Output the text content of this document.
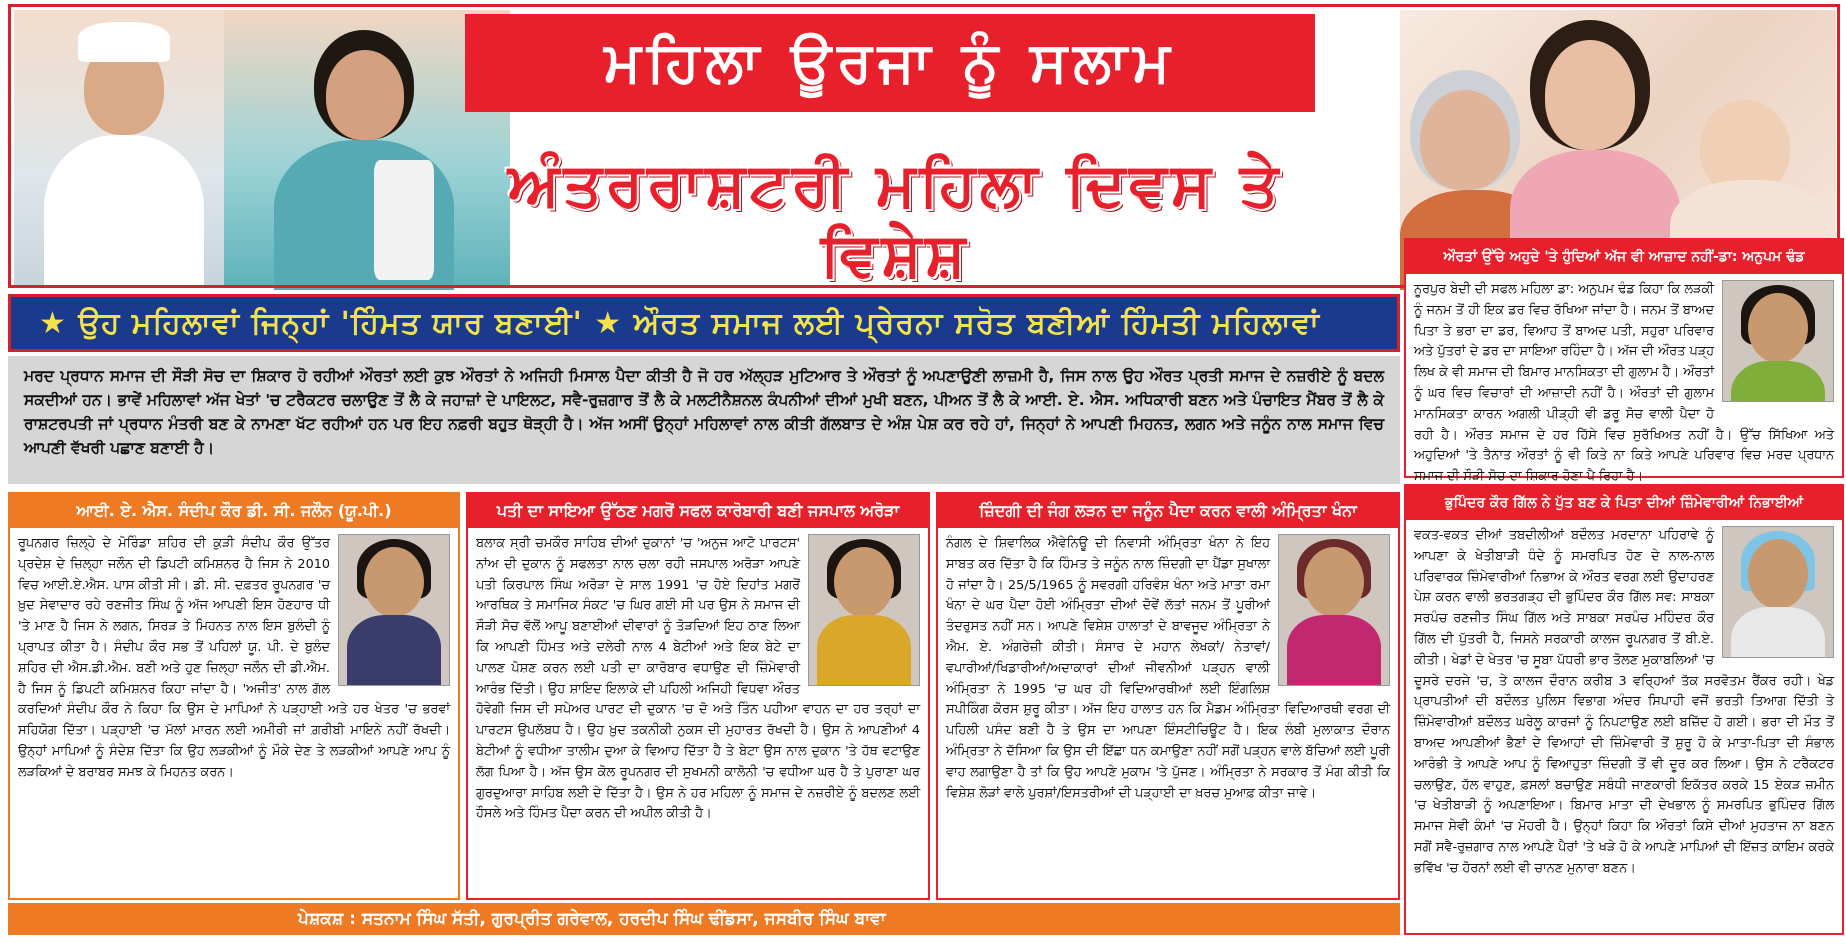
ਮਹਿਲਾ ਊਰਜਾ ਨੂੰ ਸਲਾਮ
ਅੰਤਰਰਾਸ਼ਟਰੀ ਮਹਿਲਾ ਦਿਵਸ ਤੇ ਵਿਸ਼ੇਸ਼
★ ਉਹ ਮਹਿਲਾਵਾਂ ਜਿਨ੍ਹਾਂ 'ਹਿੰਮਤ ਯਾਰ ਬਣਾਈ' ★ ਔਰਤ ਸਮਾਜ ਲਈ ਪ੍ਰੇਰਨਾ ਸਰੋਤ ਬਣੀਆਂ ਹਿੰਮਤੀ ਮਹਿਲਾਵਾਂ
ਮਰਦ ਪ੍ਰਧਾਨ ਸਮਾਜ ਦੀ ਸੌੜੀ ਸੋਚ ਦਾ ਸ਼ਿਕਾਰ ਹੋ ਰਹੀਆਂ ਔਰਤਾਂ ਲਈ ਕੁਝ ਔਰਤਾਂ ਨੇ ਅਜਿਹੀ ਮਿਸਾਲ ਪੈਦਾ ਕੀਤੀ ਹੈ ਜੋ ਹਰ ਅੱਲ੍ਹੜ ਮੁਟਿਆਰ ਤੇ ਔਰਤਾਂ ਨੂੰ ਅਪਣਾਉਣੀ ਲਾਜ਼ਮੀ ਹੈ, ਜਿਸ ਨਾਲ ਉਹ ਔਰਤ ਪ੍ਰਤੀ ਸਮਾਜ ਦੇ ਨਜ਼ਰੀਏ ਨੂੰ ਬਦਲ ਸਕਦੀਆਂ ਹਨ। ਭਾਵੇਂ ਮਹਿਲਾਵਾਂ ਅੱਜ ਖੇਤਾਂ 'ਚ ਟਰੈਕਟਰ ਚਲਾਉਣ ਤੋਂ ਲੈ ਕੇ ਜਹਾਜ਼ਾਂ ਦੇ ਪਾਇਲਟ, ਸਵੈ-ਰੁਜ਼ਗਾਰ ਤੋਂ ਲੈ ਕੇ ਮਲਟੀਨੈਸ਼ਨਲ ਕੰਪਨੀਆਂ ਦੀਆਂ ਮੁਖੀ ਬਣਨ, ਪੀਅਨ ਤੋਂ ਲੈ ਕੇ ਆਈ. ਏ. ਐਸ. ਅਧਿਕਾਰੀ ਬਣਨ ਅਤੇ ਪੰਚਾਇਤ ਮੈਂਬਰ ਤੋਂ ਲੈ ਕੇ ਰਾਸ਼ਟਰਪਤੀ ਜਾਂ ਪ੍ਰਧਾਨ ਮੰਤਰੀ ਬਣ ਕੇ ਨਾਮਣਾ ਖੱਟ ਰਹੀਆਂ ਹਨ ਪਰ ਇਹ ਨਫ਼ਰੀ ਬਹੁਤ ਥੋੜ੍ਹੀ ਹੈ। ਅੱਜ ਅਸੀਂ ਉਨ੍ਹਾਂ ਮਹਿਲਾਵਾਂ ਨਾਲ ਕੀਤੀ ਗੱਲਬਾਤ ਦੇ ਅੰਸ਼ ਪੇਸ਼ ਕਰ ਰਹੇ ਹਾਂ, ਜਿਨ੍ਹਾਂ ਨੇ ਆਪਣੀ ਮਿਹਨਤ, ਲਗਨ ਅਤੇ ਜਨੂੰਨ ਨਾਲ ਸਮਾਜ ਵਿਚ ਆਪਣੀ ਵੱਖਰੀ ਪਛਾਣ ਬਣਾਈ ਹੈ।
ਆਈ. ਏ. ਐਸ. ਸੰਦੀਪ ਕੌਰ ਡੀ. ਸੀ. ਜਲੌਨ (ਯੂ.ਪੀ.)
ਰੂਪਨਗਰ ਜ਼ਿਲ੍ਹੇ ਦੇ ਮੋਰਿੰਡਾ ਸ਼ਹਿਰ ਦੀ ਕੁੜੀ ਸੰਦੀਪ ਕੌਰ ਉੱਤਰ ਪ੍ਰਦੇਸ਼ ਦੇ ਜ਼ਿਲ੍ਹਾ ਜਲੌਨ ਦੀ ਡਿਪਟੀ ਕਮਿਸ਼ਨਰ ਹੈ ਜਿਸ ਨੇ 2010 ਵਿਚ ਆਈ.ਏ.ਐਸ. ਪਾਸ ਕੀਤੀ ਸੀ। ਡੀ. ਸੀ. ਦਫ਼ਤਰ ਰੂਪਨਗਰ 'ਚ ਖ਼ੁਦ ਸੇਵਾਦਾਰ ਰਹੇ ਰਣਜੀਤ ਸਿੰਘ ਨੂੰ ਅੱਜ ਆਪਣੀ ਇਸ ਹੋਣਹਾਰ ਧੀ 'ਤੇ ਮਾਣ ਹੈ ਜਿਸ ਨੇ ਲਗਨ, ਸਿਰੜ ਤੇ ਮਿਹਨਤ ਨਾਲ ਇਸ ਬੁਲੰਦੀ ਨੂੰ ਪ੍ਰਾਪਤ ਕੀਤਾ ਹੈ। ਸੰਦੀਪ ਕੌਰ ਸਭ ਤੋਂ ਪਹਿਲਾਂ ਯੂ. ਪੀ. ਦੇ ਬੁਲੰਦ ਸ਼ਹਿਰ ਦੀ ਐਸ.ਡੀ.ਐਮ. ਬਣੀ ਅਤੇ ਹੁਣ ਜ਼ਿਲ੍ਹਾ ਜਲੌਨ ਦੀ ਡੀ.ਐਮ. ਹੈ ਜਿਸ ਨੂੰ ਡਿਪਟੀ ਕਮਿਸ਼ਨਰ ਕਿਹਾ ਜਾਂਦਾ ਹੈ। 'ਅਜੀਤ' ਨਾਲ ਗੱਲ ਕਰਦਿਆਂ ਸੰਦੀਪ ਕੌਰ ਨੇ ਕਿਹਾ ਕਿ ਉਸ ਦੇ ਮਾਪਿਆਂ ਨੇ ਪੜ੍ਹਾਈ ਅਤੇ ਹਰ ਖੇਤਰ 'ਚ ਭਰਵਾਂ ਸਹਿਯੋਗ ਦਿੱਤਾ। ਪੜ੍ਹਾਈ 'ਚ ਮੱਲਾਂ ਮਾਰਨ ਲਈ ਅਮੀਰੀ ਜਾਂ ਗ਼ਰੀਬੀ ਮਾਇਨੇ ਨਹੀਂ ਰੱਖਦੀ। ਉਨ੍ਹਾਂ ਮਾਪਿਆਂ ਨੂੰ ਸੰਦੇਸ਼ ਦਿੱਤਾ ਕਿ ਉਹ ਲੜਕੀਆਂ ਨੂੰ ਮੌਕੇ ਦੇਣ ਤੇ ਲੜਕੀਆਂ ਆਪਣੇ ਆਪ ਨੂੰ ਲੜਕਿਆਂ ਦੇ ਬਰਾਬਰ ਸਮਝ ਕੇ ਮਿਹਨਤ ਕਰਨ।
ਪਤੀ ਦਾ ਸਾਇਆ ਉੱਠਣ ਮਗਰੋਂ ਸਫਲ ਕਾਰੋਬਾਰੀ ਬਣੀ ਜਸਪਾਲ ਅਰੋੜਾ
ਬਲਾਕ ਸ੍ਰੀ ਚਮਕੌਰ ਸਾਹਿਬ ਦੀਆਂ ਦੁਕਾਨਾਂ 'ਚ 'ਅਨੁਜ ਆਟੋ ਪਾਰਟਸ' ਨਾਂਅ ਦੀ ਦੁਕਾਨ ਨੂੰ ਸਫਲਤਾ ਨਾਲ ਚਲਾ ਰਹੀ ਜਸਪਾਲ ਅਰੋੜਾ ਆਪਣੇ ਪਤੀ ਕਿਰਪਾਲ ਸਿੰਘ ਅਰੋੜਾ ਦੇ ਸਾਲ 1991 'ਚ ਹੋਏ ਦਿਹਾਂਤ ਮਗਰੋਂ ਆਰਥਿਕ ਤੇ ਸਮਾਜਿਕ ਸੰਕਟ 'ਚ ਘਿਰ ਗਈ ਸੀ ਪਰ ਉਸ ਨੇ ਸਮਾਜ ਦੀ ਸੌੜੀ ਸੋਚ ਵੱਲੋਂ ਆਪੂ ਬਣਾਈਆਂ ਦੀਵਾਰਾਂ ਨੂੰ ਤੋੜਦਿਆਂ ਇਹ ਠਾਣ ਲਿਆ ਕਿ ਆਪਣੀ ਹਿੰਮਤ ਅਤੇ ਦਲੇਰੀ ਨਾਲ 4 ਬੇਟੀਆਂ ਅਤੇ ਇਕ ਬੇਟੇ ਦਾ ਪਾਲਣ ਪੋਸ਼ਣ ਕਰਨ ਲਈ ਪਤੀ ਦਾ ਕਾਰੋਬਾਰ ਵਧਾਉਣ ਦੀ ਜ਼ਿੰਮੇਵਾਰੀ ਆਰੰਭ ਦਿੱਤੀ। ਉਹ ਸ਼ਾਇਦ ਇਲਾਕੇ ਦੀ ਪਹਿਲੀ ਅਜਿਹੀ ਵਿਧਵਾ ਔਰਤ ਹੋਵੇਗੀ ਜਿਸ ਦੀ ਸਪੇਅਰ ਪਾਰਟ ਦੀ ਦੁਕਾਨ 'ਚ ਦੋ ਅਤੇ ਤਿੰਨ ਪਹੀਆ ਵਾਹਨ ਦਾ ਹਰ ਤਰ੍ਹਾਂ ਦਾ ਪਾਰਟਸ ਉਪਲੱਬਧ ਹੈ। ਉਹ ਖ਼ੁਦ ਤਕਨੀਕੀ ਨੁਕਸ ਦੀ ਮੁਹਾਰਤ ਰੱਖਦੀ ਹੈ। ਉਸ ਨੇ ਆਪਣੀਆਂ 4 ਬੇਟੀਆਂ ਨੂੰ ਵਧੀਆ ਤਾਲੀਮ ਦੁਆ ਕੇ ਵਿਆਹ ਦਿੱਤਾ ਹੈ ਤੇ ਬੇਟਾ ਉਸ ਨਾਲ ਦੁਕਾਨ 'ਤੇ ਹੱਥ ਵਟਾਉਣ ਲੱਗ ਪਿਆ ਹੈ। ਅੱਜ ਉਸ ਕੋਲ ਰੂਪਨਗਰ ਦੀ ਸੁਖਮਨੀ ਕਾਲੋਨੀ 'ਚ ਵਧੀਆ ਘਰ ਹੈ ਤੇ ਪੁਰਾਣਾ ਘਰ ਗੁਰਦੁਆਰਾ ਸਾਹਿਬ ਲਈ ਦੇ ਦਿੱਤਾ ਹੈ। ਉਸ ਨੇ ਹਰ ਮਹਿਲਾ ਨੂੰ ਸਮਾਜ ਦੇ ਨਜ਼ਰੀਏ ਨੂੰ ਬਦਲਣ ਲਈ ਹੌਸਲੇ ਅਤੇ ਹਿੰਮਤ ਪੈਦਾ ਕਰਨ ਦੀ ਅਪੀਲ ਕੀਤੀ ਹੈ।
ਜ਼ਿੰਦਗੀ ਦੀ ਜੰਗ ਲੜਨ ਦਾ ਜਨੂੰਨ ਪੈਦਾ ਕਰਨ ਵਾਲੀ ਅੰਮ੍ਰਿਤਾ ਖੰਨਾ
ਨੰਗਲ ਦੇ ਸ਼ਿਵਾਲਿਕ ਐਵੇਨਿਊ ਦੀ ਨਿਵਾਸੀ ਅੰਮ੍ਰਿਤਾ ਖੰਨਾ ਨੇ ਇਹ ਸਾਬਤ ਕਰ ਦਿੱਤਾ ਹੈ ਕਿ ਹਿੰਮਤ ਤੇ ਜਨੂੰਨ ਨਾਲ ਜ਼ਿੰਦਗੀ ਦਾ ਪੈਂਡਾ ਸੁਖਾਲਾ ਹੋ ਜਾਂਦਾ ਹੈ। 25/5/1965 ਨੂੰ ਸਵਰਗੀ ਹਰਿਵੰਸ਼ ਖੰਨਾ ਅਤੇ ਮਾਤਾ ਰਮਾ ਖੰਨਾ ਦੇ ਘਰ ਪੈਦਾ ਹੋਈ ਅੰਮ੍ਰਿਤਾ ਦੀਆਂ ਦੋਵੇਂ ਲੱਤਾਂ ਜਨਮ ਤੋਂ ਪੂਰੀਆਂ ਤੰਦਰੁਸਤ ਨਹੀਂ ਸਨ। ਆਪਣੇ ਵਿਸ਼ੇਸ਼ ਹਾਲਾਤਾਂ ਦੇ ਬਾਵਜੂਦ ਅੰਮ੍ਰਿਤਾ ਨੇ ਐਮ. ਏ. ਅੰਗਰੇਜ਼ੀ ਕੀਤੀ। ਸੰਸਾਰ ਦੇ ਮਹਾਨ ਲੇਖਕਾਂ/ ਨੇਤਾਵਾਂ/ ਵਪਾਰੀਆਂ/ਖਿਡਾਰੀਆਂ/ਅਦਾਕਾਰਾਂ ਦੀਆਂ ਜੀਵਨੀਆਂ ਪੜ੍ਹਨ ਵਾਲੀ ਅੰਮ੍ਰਿਤਾ ਨੇ 1995 'ਚ ਘਰ ਹੀ ਵਿਦਿਆਰਥੀਆਂ ਲਈ ਇੰਗਲਿਸ਼ ਸਪੀਕਿੰਗ ਕੋਰਸ ਸ਼ੁਰੂ ਕੀਤਾ। ਅੱਜ ਇਹ ਹਾਲਾਤ ਹਨ ਕਿ ਮੈਡਮ ਅੰਮ੍ਰਿਤਾ ਵਿਦਿਆਰਥੀ ਵਰਗ ਦੀ ਪਹਿਲੀ ਪਸੰਦ ਬਣੀ ਹੈ ਤੇ ਉਸ ਦਾ ਆਪਣਾ ਇੰਸਟੀਚਿਊਟ ਹੈ। ਇਕ ਲੰਬੀ ਮੁਲਾਕਾਤ ਦੌਰਾਨ ਅੰਮ੍ਰਿਤਾ ਨੇ ਦੱਸਿਆ ਕਿ ਉਸ ਦੀ ਇੱਛਾ ਧਨ ਕਮਾਉਣਾ ਨਹੀਂ ਸਗੋਂ ਪੜ੍ਹਨ ਵਾਲੇ ਬੱਚਿਆਂ ਲਈ ਪੂਰੀ ਵਾਹ ਲਗਾਉਣਾ ਹੈ ਤਾਂ ਕਿ ਉਹ ਆਪਣੇ ਮੁਕਾਮ 'ਤੇ ਪੁੱਜਣ। ਅੰਮ੍ਰਿਤਾ ਨੇ ਸਰਕਾਰ ਤੋਂ ਮੰਗ ਕੀਤੀ ਕਿ ਵਿਸ਼ੇਸ਼ ਲੋੜਾਂ ਵਾਲੇ ਪੁਰਸ਼ਾਂ/ਇਸਤਰੀਆਂ ਦੀ ਪੜ੍ਹਾਈ ਦਾ ਖ਼ਰਚ ਮੁਆਫ਼ ਕੀਤਾ ਜਾਵੇ।
ਔਰਤਾਂ ਉੱਚੇ ਅਹੁਦੇ 'ਤੇ ਹੁੰਦਿਆਂ ਅੱਜ ਵੀ ਆਜ਼ਾਦ ਨਹੀਂ-ਡਾ: ਅਨੁਪਮ ਢੰਡ
ਨੂਰਪੁਰ ਬੇਦੀ ਦੀ ਸਫਲ ਮਹਿਲਾ ਡਾ: ਅਨੁਪਮ ਢੰਡ ਕਿਹਾ ਕਿ ਲੜਕੀ ਨੂੰ ਜਨਮ ਤੋਂ ਹੀ ਇਕ ਡਰ ਵਿਚ ਰੱਖਿਆ ਜਾਂਦਾ ਹੈ। ਜਨਮ ਤੋਂ ਬਾਅਦ ਪਿਤਾ ਤੇ ਭਰਾ ਦਾ ਡਰ, ਵਿਆਹ ਤੋਂ ਬਾਅਦ ਪਤੀ, ਸਹੁਰਾ ਪਰਿਵਾਰ ਅਤੇ ਪੁੱਤਰਾਂ ਦੇ ਡਰ ਦਾ ਸਾਇਆ ਰਹਿੰਦਾ ਹੈ। ਅੱਜ ਦੀ ਔਰਤ ਪੜ੍ਹ ਲਿਖ ਕੇ ਵੀ ਸਮਾਜ ਦੀ ਬਿਮਾਰ ਮਾਨਸਿਕਤਾ ਦੀ ਗੁਲਾਮ ਹੈ। ਔਰਤਾਂ ਨੂੰ ਘਰ ਵਿਚ ਵਿਚਾਰਾਂ ਦੀ ਆਜ਼ਾਦੀ ਨਹੀਂ ਹੈ। ਔਰਤਾਂ ਦੀ ਗੁਲਾਮ ਮਾਨਸਿਕਤਾ ਕਾਰਨ ਅਗਲੀ ਪੀੜ੍ਹੀ ਵੀ ਡਰੂ ਸੋਚ ਵਾਲੀ ਪੈਦਾ ਹੋ ਰਹੀ ਹੈ। ਔਰਤ ਸਮਾਜ ਦੇ ਹਰ ਹਿੱਸੇ ਵਿਚ ਸੁਰੱਖਿਅਤ ਨਹੀਂ ਹੈ। ਉੱਚ ਸਿੱਖਿਆ ਅਤੇ ਅਹੁਦਿਆਂ 'ਤੇ ਤੈਨਾਤ ਔਰਤਾਂ ਨੂੰ ਵੀ ਕਿਤੇ ਨਾ ਕਿਤੇ ਆਪਣੇ ਪਰਿਵਾਰ ਵਿਚ ਮਰਦ ਪ੍ਰਧਾਨ ਸਮਾਜ ਦੀ ਸੌੜੀ ਸੋਚ ਦਾ ਸ਼ਿਕਾਰ ਹੋਣਾ ਪੈ ਰਿਹਾ ਹੈ।
ਭੁਪਿੰਦਰ ਕੌਰ ਗਿੱਲ ਨੇ ਪੁੱਤ ਬਣ ਕੇ ਪਿਤਾ ਦੀਆਂ ਜ਼ਿੰਮੇਵਾਰੀਆਂ ਨਿਭਾਈਆਂ
ਵਕਤ-ਵਕਤ ਦੀਆਂ ਤਬਦੀਲੀਆਂ ਬਦੌਲਤ ਮਰਦਾਨਾ ਪਹਿਰਾਵੇ ਨੂੰ ਆਪਣਾ ਕੇ ਖੇਤੀਬਾੜੀ ਧੰਦੇ ਨੂੰ ਸਮਰਪਿਤ ਹੋਣ ਦੇ ਨਾਲ-ਨਾਲ ਪਰਿਵਾਰਕ ਜ਼ਿੰਮੇਵਾਰੀਆਂ ਨਿਭਾਅ ਕੇ ਔਰਤ ਵਰਗ ਲਈ ਉਦਾਹਰਣ ਪੇਸ਼ ਕਰਨ ਵਾਲੀ ਭਰਤਗੜ੍ਹ ਦੀ ਭੁਪਿੰਦਰ ਕੌਰ ਗਿੱਲ ਸਵ: ਸਾਬਕਾ ਸਰਪੰਚ ਰਣਜੀਤ ਸਿੰਘ ਗਿੱਲ ਅਤੇ ਸਾਬਕਾ ਸਰਪੰਚ ਮਹਿੰਦਰ ਕੌਰ ਗਿੱਲ ਦੀ ਪੁੱਤਰੀ ਹੈ, ਜਿਸਨੇ ਸਰਕਾਰੀ ਕਾਲਜ ਰੂਪਨਗਰ ਤੋਂ ਬੀ.ਏ. ਕੀਤੀ। ਖੇਡਾਂ ਦੇ ਖੇਤਰ 'ਚ ਸੂਬਾ ਪੱਧਰੀ ਭਾਰ ਤੋਲਣ ਮੁਕਾਬਲਿਆਂ 'ਚ ਦੂਸਰੇ ਦਰਜੇ 'ਚ, ਤੇ ਕਾਲਜ ਦੌਰਾਨ ਕਰੀਬ 3 ਵਰ੍ਹਿਆਂ ਤੱਕ ਸਰਵੋਤਮ ਰੈਂਕਰ ਰਹੀ। ਖੇਡ ਪ੍ਰਾਪਤੀਆਂ ਦੀ ਬਦੌਲਤ ਪੁਲਿਸ ਵਿਭਾਗ ਅੰਦਰ ਸਿਪਾਹੀ ਵਜੋਂ ਭਰਤੀ ਤਿਆਗ ਦਿੱਤੀ ਤੇ ਜ਼ਿੰਮੇਵਾਰੀਆਂ ਬਦੌਲਤ ਘਰੇਲੂ ਕਾਰਜਾਂ ਨੂੰ ਨਿਪਟਾਉਣ ਲਈ ਬਜ਼ਿੱਦ ਹੋ ਗਈ। ਭਰਾ ਦੀ ਮੌਤ ਤੋਂ ਬਾਅਦ ਆਪਣੀਆਂ ਭੈਣਾਂ ਦੇ ਵਿਆਹਾਂ ਦੀ ਜ਼ਿੰਮੇਵਾਰੀ ਤੋਂ ਸ਼ੁਰੂ ਹੋ ਕੇ ਮਾਤਾ-ਪਿਤਾ ਦੀ ਸੰਭਾਲ ਆਰੰਭੀ ਤੇ ਆਪਣੇ ਆਪ ਨੂੰ ਵਿਆਹੁਤਾ ਜ਼ਿੰਦਗੀ ਤੋਂ ਵੀ ਦੂਰ ਕਰ ਲਿਆ। ਉਸ ਨੇ ਟਰੈਕਟਰ ਚਲਾਉਣ, ਹੱਲ ਵਾਹੁਣ, ਫ਼ਸਲਾਂ ਬਚਾਉਣ ਸਬੰਧੀ ਜਾਣਕਾਰੀ ਇਕੱਤਰ ਕਰਕੇ 15 ਏਕੜ ਜ਼ਮੀਨ 'ਚ ਖੇਤੀਬਾੜੀ ਨੂੰ ਅਪਣਾਇਆ। ਬਿਮਾਰ ਮਾਤਾ ਦੀ ਦੇਖਭਾਲ ਨੂੰ ਸਮਰਪਿਤ ਭੁਪਿੰਦਰ ਗਿੱਲ ਸਮਾਜ ਸੇਵੀ ਕੰਮਾਂ 'ਚ ਮੋਹਰੀ ਹੈ। ਉਨ੍ਹਾਂ ਕਿਹਾ ਕਿ ਔਰਤਾਂ ਕਿਸੇ ਦੀਆਂ ਮੁਹਤਾਜ ਨਾ ਬਣਨ ਸਗੋਂ ਸਵੈ-ਰੁਜ਼ਗਾਰ ਨਾਲ ਆਪਣੇ ਪੈਰਾਂ 'ਤੇ ਖੜੇ ਹੋ ਕੇ ਆਪਣੇ ਮਾਪਿਆਂ ਦੀ ਇੱਜ਼ਤ ਕਾਇਮ ਕਰਕੇ ਭਵਿੱਖ 'ਚ ਹੋਰਨਾਂ ਲਈ ਵੀ ਚਾਨਣ ਮੁਨਾਰਾ ਬਣਨ।
ਪੇਸ਼ਕਸ਼ : ਸਤਨਾਮ ਸਿੰਘ ਸੱਤੀ, ਗੁਰਪ੍ਰੀਤ ਗਰੇਵਾਲ, ਹਰਦੀਪ ਸਿੰਘ ਢੀਂਡਸਾ, ਜਸਬੀਰ ਸਿੰਘ ਬਾਵਾ
